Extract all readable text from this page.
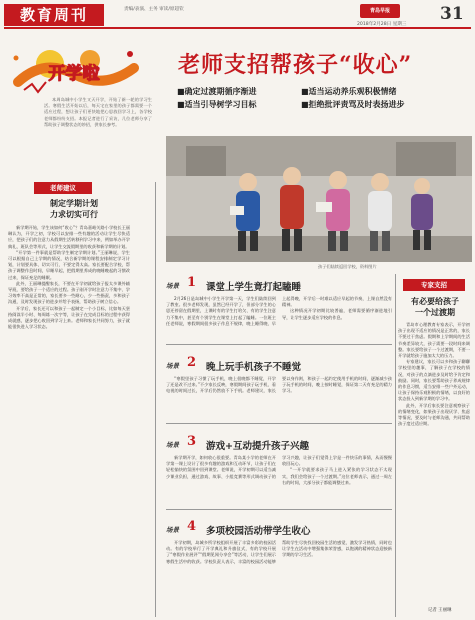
教育周刊	责编/表演、主务 审读/原超钦	青岛早报
2018年2月28日 星期三
31
开学啦	老师支招帮孩子“收心”
■确定过渡期循序渐进
■适当引导树学习目标
■适当运动养乐观积极情绪
■拒绝批评责骂及时表扬进步

本周岛城中小学生又天开学，开始了新一轮的学习生活。寒假生活开始以后，每天宅在家里的孩子都需要一个适应过程，想让孩子们更快地把心思放回学习上，各学校老师都纷纷支招。本报记者进行了采访，几位老师分享了帮助孩子调整状态的妙招，供家长参考。

老师建议
制定学期计划
力求切实可行

新学期开始，学生该如何“收心”？青岛嘉峪关路小学校长王丽琳认为，开学之初，学校可以安排一些有趣的活动让学生尽快适应，把孩子们的注意力从假期生活转移到学习中来，例如举办开学典礼、班队会等形式，让学生交流假期里的收获和新学期的计划。

“开学第一件事就是帮助学生制定学期计划。”王丽琳说，学生可以根据自己上学期的情况，结合新学期的课程安排制定学习计划，计划要具体、切实可行，不要定得太高。家长要配合学校，帮孩子调整作息时间，早睡早起，把假期里养成的晚睡晚起的习惯改过来，保证充足的睡眠。

此外，王丽琳提醒家长，不要在开学初就给孩子报太多课外辅导班，要给孩子一个适应的过程。孩子刚开学时注意力不集中、学习效率不高是正常的，家长要多一些耐心，少一些指责，多和孩子沟通，及时发现孩子的进步并给予表扬，帮助孩子树立信心。

开学后，家长还可以和孩子一起制定一个小目标，比如每天坚持阅读半小时、每周练一次字等，让孩子在完成目标的过程中获得成就感，逐步把心收回到学习上来。老师和家长共同努力，孩子就能很快进入学习状态。

孩子们陆续返回学校，资料图片
场景 1 课堂上学生竟打起瞌睡

2月26日是岛城中小学生开学第一天，学生们陆续回到了教室。很多老师发现，虽然已经开学了，但部分学生的心思还停留在假期里，上课时有的学生打哈欠、有的学生注意力不集中，甚至有个别学生在课堂上打起了瞌睡。一位班主任老师说，寒假期间很多孩子作息不规律，晚上睡得晚、早上起得晚，开学后一时难以适应早起的节奏，上课自然没有精神。

这种情况开学初期比较普遍，老师需要循序渐进地引导，让学生逐步适应学校的作息。

场景 2 晚上玩手机孩子不睡觉

“寒假里孩子习惯了玩手机，晚上很晚都不睡觉，开学了还是改不过来。”不少家长反映，寒假期间孩子玩手机、看电视的时间过长，开学后仍然放不下手机。老师建议，家长要以身作则，和孩子一起约定使用手机的时间，逐渐减少孩子玩手机的时间，晚上按时睡觉，保证第二天有充足的精力学习。

场景 3 游戏+互动提升孩子兴趣

新学期开学，如何收心很重要。青岛某小学的老师在开学第一课上设计了很多有趣的游戏和互动环节，让孩子们在轻松愉快的氛围中回到课堂。老师说，开学初期可以适当减少课业负担，通过游戏、故事、小组竞赛等形式调动孩子的学习兴趣，让孩子们觉得上学是一件快乐的事情，从而慢慢收回玩心。

“一开学就要求孩子马上进入紧张的学习状态不太现实，我们会给孩子一个过渡期。”这位老师表示，通过一周左右的时间，大部分孩子都能调整过来。

场景 4 多项校园活动带学生收心

开学初期，岛城多所学校组织开展了丰富多彩的校园活动。有的学校举行了开学典礼和升旗仪式，有的学校开展了“寒假作业展评”“假期见闻分享会”等活动，让学生们展示寒假生活中的收获。学校负责人表示，丰富的校园活动能够帮助学生尽快找回校园生活的感觉，激发学习热情，同时也让学生在活动中增强集体荣誉感，以饱满的精神状态迎接新学期的学习生活。

专家支招
有必要给孩子
一个过渡期

青岛市心理教育专家表示，开学初孩子出现不适应的情况是正常的，家长不要过于焦虑。假期和上学期间的生活节奏差异较大，孩子需要一段时间来调整。家长要给孩子一个过渡期，不要一开学就给孩子施加太大的压力。

专家建议，家长可以多和孩子聊聊学校里的趣事，了解孩子在学校的情况，对孩子的点滴进步及时给予肯定和鼓励。同时，家长要帮助孩子养成规律的作息习惯，适当安排一些户外运动，让孩子保持乐观积极的情绪，以良好的状态投入到新学期的学习中。

此外，开学后家长要注意观察孩子的情绪变化，如果孩子出现厌学、焦虑等情况，要及时与老师沟通，共同帮助孩子度过适应期。

记者 王丽琳
